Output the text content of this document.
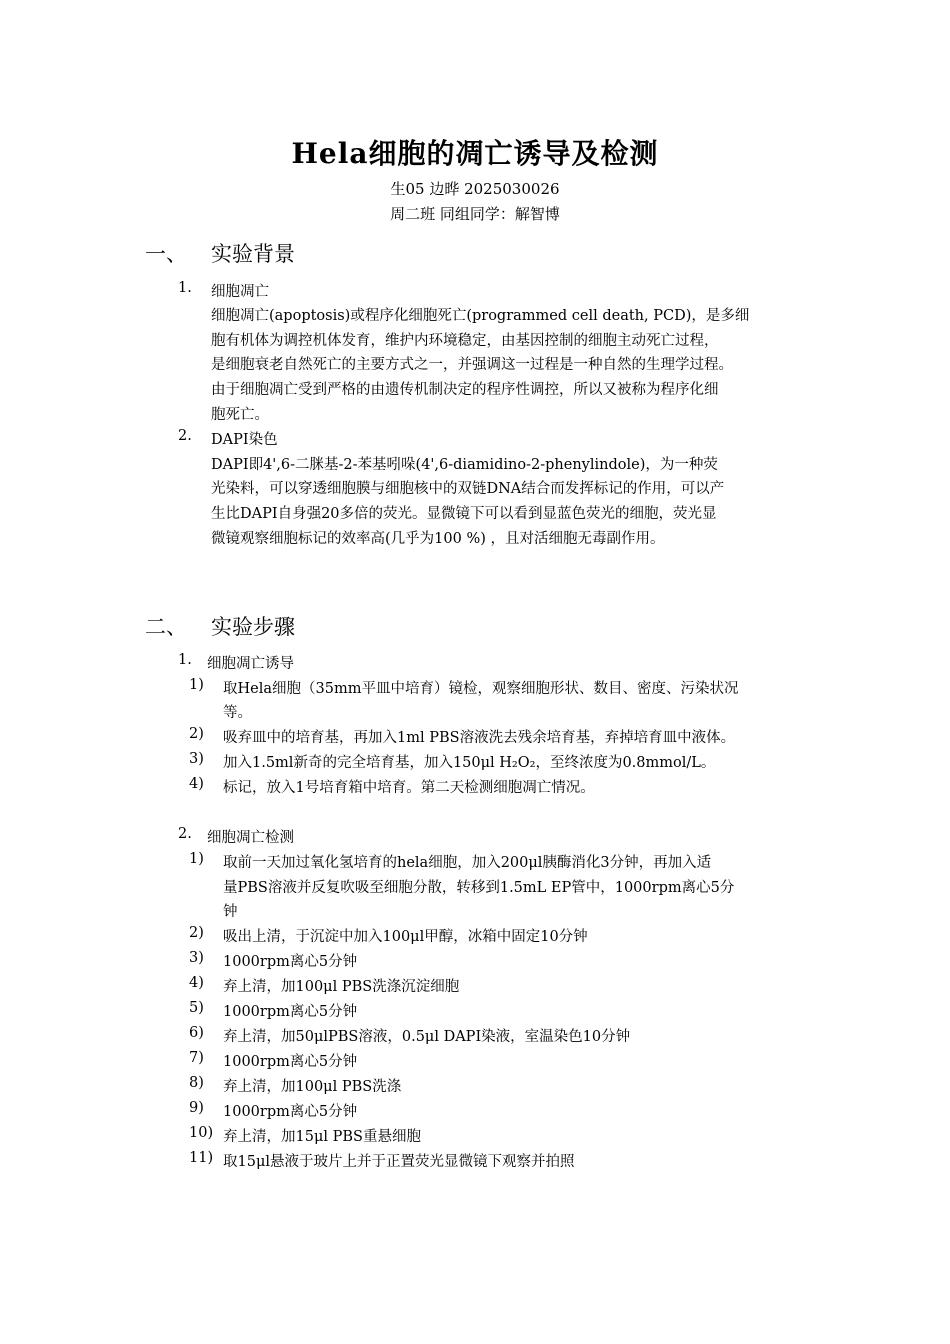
Hela细胞的凋亡诱导及检测
生05 边晔 2025030026
周二班 同组同学：解智博
一、 实验背景
1. 细胞凋亡
细胞凋亡(apoptosis)或程序化细胞死亡(programmed cell death, PCD)，是多细
胞有机体为调控机体发育，维护内环境稳定，由基因控制的细胞主动死亡过程，
是细胞衰老自然死亡的主要方式之一，并强调这一过程是一种自然的生理学过程。
由于细胞凋亡受到严格的由遗传机制决定的程序性调控，所以又被称为程序化细
胞死亡。
2. DAPI染色
DAPI即4',6-二脒基-2-苯基吲哚(4',6-diamidino-2-phenylindole)，为一种荧
光染料，可以穿透细胞膜与细胞核中的双链DNA结合而发挥标记的作用，可以产
生比DAPI自身强20多倍的荧光。显微镜下可以看到显蓝色荧光的细胞，荧光显
微镜观察细胞标记的效率高(几乎为100 %) ，且对活细胞无毒副作用。
二、 实验步骤
1. 细胞凋亡诱导
1) 取Hela细胞（35mm平皿中培育）镜检，观察细胞形状、数目、密度、污染状况
等。
2) 吸弃皿中的培育基，再加入1ml PBS溶液洗去残余培育基，弃掉培育皿中液体。
3) 加入1.5ml新奇的完全培育基，加入150μl H₂O₂，至终浓度为0.8mmol/L。
4) 标记，放入1号培育箱中培育。第二天检测细胞凋亡情况。
2. 细胞凋亡检测
1) 取前一天加过氧化氢培育的hela细胞，加入200μl胰酶消化3分钟，再加入适
量PBS溶液并反复吹吸至细胞分散，转移到1.5mL EP管中，1000rpm离心5分
钟
2) 吸出上清，于沉淀中加入100μl甲醇，冰箱中固定10分钟
3) 1000rpm离心5分钟
4) 弃上清，加100μl PBS洗涤沉淀细胞
5) 1000rpm离心5分钟
6) 弃上清，加50μlPBS溶液，0.5μl DAPI染液，室温染色10分钟
7) 1000rpm离心5分钟
8) 弃上清，加100μl PBS洗涤
9) 1000rpm离心5分钟
10) 弃上清，加15μl PBS重悬细胞
11) 取15μl悬液于玻片上并于正置荧光显微镜下观察并拍照
